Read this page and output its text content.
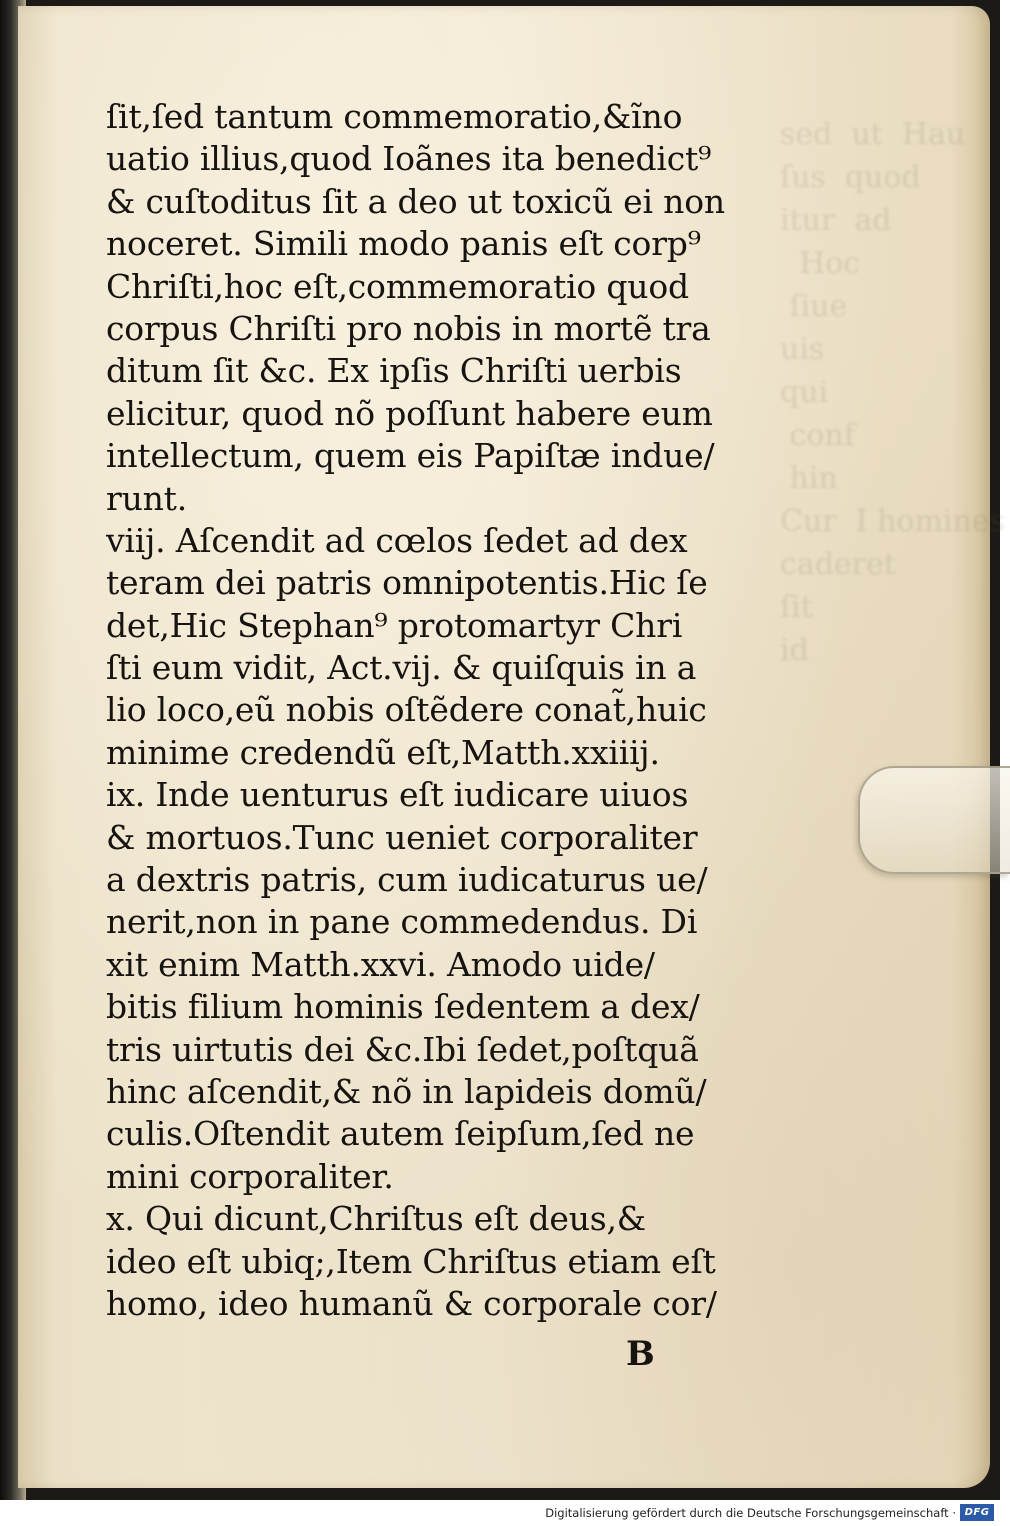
sed  ut  Hau
ſus  quod
itur  ad
Hoc
ſiue
uis
qui
conf
hin
Cur  I homines
caderet
ſit
id

ſit,ſed tantum commemoratio,&ĩno
uatio illius,quod Ioãnes ita benedict⁹
& cuſtoditus ſit a deo ut toxicũ ei non
noceret. Simili modo panis eſt corp⁹
Chriſti,hoc eſt,commemoratio quod
corpus Chriſti pro nobis in mortẽ tra
ditum ſit &c. Ex ipſis Chriſti uerbis
elicitur, quod nõ poſſunt habere eum
intellectum, quem eis Papiſtæ indue/
runt.
viij. Aſcendit ad cœlos ſedet ad dex
teram dei patris omnipotentis.Hic ſe
det,Hic Stephan⁹ protomartyr Chri
ſti eum vidit, Act.vij. & quiſquis in a
lio loco,eũ nobis oſtẽdere conat̃,huic
minime credendũ eſt,Matth.xxiiij.
ix. Inde uenturus eſt iudicare uiuos
& mortuos.Tunc ueniet corporaliter
a dextris patris, cum iudicaturus ue/
nerit,non in pane commedendus. Di
xit enim Matth.xxvi. Amodo uide/
bitis filium hominis ſedentem a dex/
tris uirtutis dei &c.Ibi ſedet,poſtquã
hinc aſcendit,& nõ in lapideis domũ/
culis.Oſtendit autem ſeipſum,ſed ne
mini corporaliter.
x. Qui dicunt,Chriſtus eſt deus,&
ideo eſt ubiq;,Item Chriſtus etiam eſt
homo, ideo humanũ & corporale cor/
B
Digitalisierung gefördert durch die Deutsche Forschungsgemeinschaft · DFG
